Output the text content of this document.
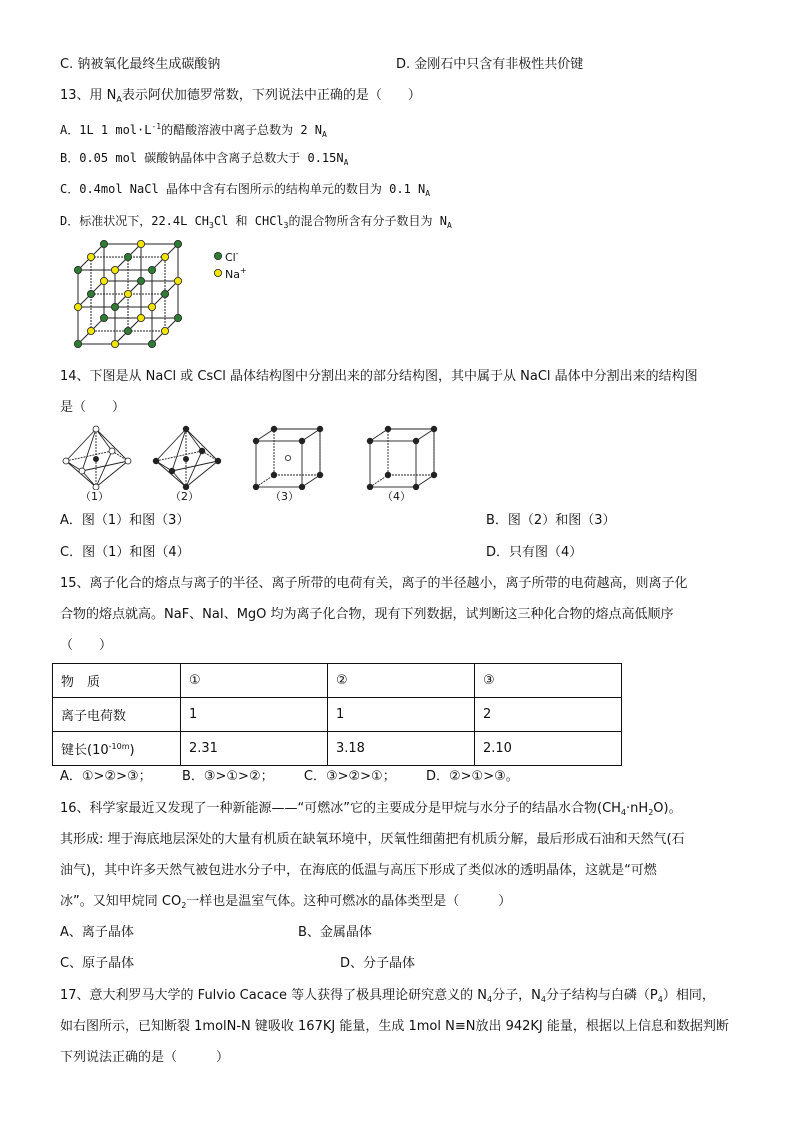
C. 钠被氧化最终生成碳酸钠	D. 金刚石中只含有非极性共价键
13、用 $N_A$表示阿伏加德罗常数，下列说法中正确的是（　　）
A．1L 1 $mol\cdot L^{-1}$的醋酸溶液中离子总数为 2 $N_A$
B．0.05 mol 碳酸钠晶体中含离子总数大于 $0.15N_A$
C．0.4mol NaCl 晶体中含有右图所示的结构单元的数目为 0.1 $N_A$
D．标准状况下，22.4L $CH_3Cl$ 和 CHCl$_3$的混合物所含有分子数目为 $N_A$
Cl-
Na+
14、下图是从 NaCl 或 CsCl 晶体结构图中分割出来的部分结构图，其中属于从 NaCl 晶体中分割出来的结构图
是（　　）
（1）	（2）	（3）	（4）
A．图（1）和图（3）	B．图（2）和图（3）
C．图（1）和图（4）	D．只有图（4）
15、离子化合的熔点与离子的半径、离子所带的电荷有关，离子的半径越小，离子所带的电荷越高，则离子化
合物的熔点就高。NaF、NaI、MgO 均为离子化合物，现有下列数据，试判断这三种化合物的熔点高低顺序
（　　）
物　质	①	②	③
离子电荷数	1	1	2
键长$(10^{-10m})$	2.31	3.18	2.10
A．①>②>③； B．③>①>②； C．③>②>①； D．②>①>③。
16、科学家最近又发现了一种新能源——“可燃冰”它的主要成分是甲烷与水分子的结晶水合物$(CH_4\cdot nH_2O)$。
其形成: 埋于海底地层深处的大量有机质在缺氧环境中，厌氧性细菌把有机质分解，最后形成石油和天然气(石
油气)，其中许多天然气被包进水分子中，在海底的低温与高压下形成了类似冰的透明晶体，这就是“可燃
冰”。又知甲烷同 $CO_2$一样也是温室气体。这种可燃冰的晶体类型是（　　　）
A、离子晶体	B、金属晶体
C、原子晶体	D、分子晶体
17、意大利罗马大学的 Fulvio Cacace 等人获得了极具理论研究意义的 $N_4$分子，$N_4$分子结构与白磷$(P_4)$相同，
如右图所示，已知断裂 1molN-N 键吸收 167KJ 能量，生成 1mol N≡N放出 942KJ 能量，根据以上信息和数据判断
下列说法正确的是（　　　）
